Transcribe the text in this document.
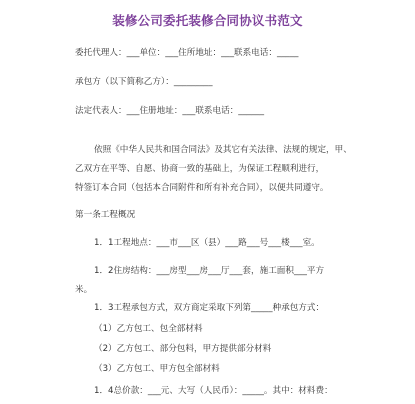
装修公司委托装修合同协议书范文
委托代理人：___单位：___住所地址：___联系电话：_____
承包方（以下简称乙方）：_________
法定代表人：___住册地址：___联系电话：______
依照《中华人民共和国合同法》及其它有关法律、法规的规定，甲、
乙双方在平等、自愿、协商一致的基础上，为保证工程顺利进行，
特签订本合同（包括本合同附件和所有补充合同），以便共同遵守。
第一条工程概况
1．1工程地点：___市___区（县）___路___号___楼___室。
1．2住房结构：___房型___房___厅___套，施工面积___平方
米。
1．3工程承包方式，双方商定采取下列第_____种承包方式：
（1）乙方包工、包全部材料
（2）乙方包工、部分包料，甲方提供部分材料
（3）乙方包工、甲方包全部材料
1．4总价款：___元、大写（人民币）：_____。其中：材料费：
